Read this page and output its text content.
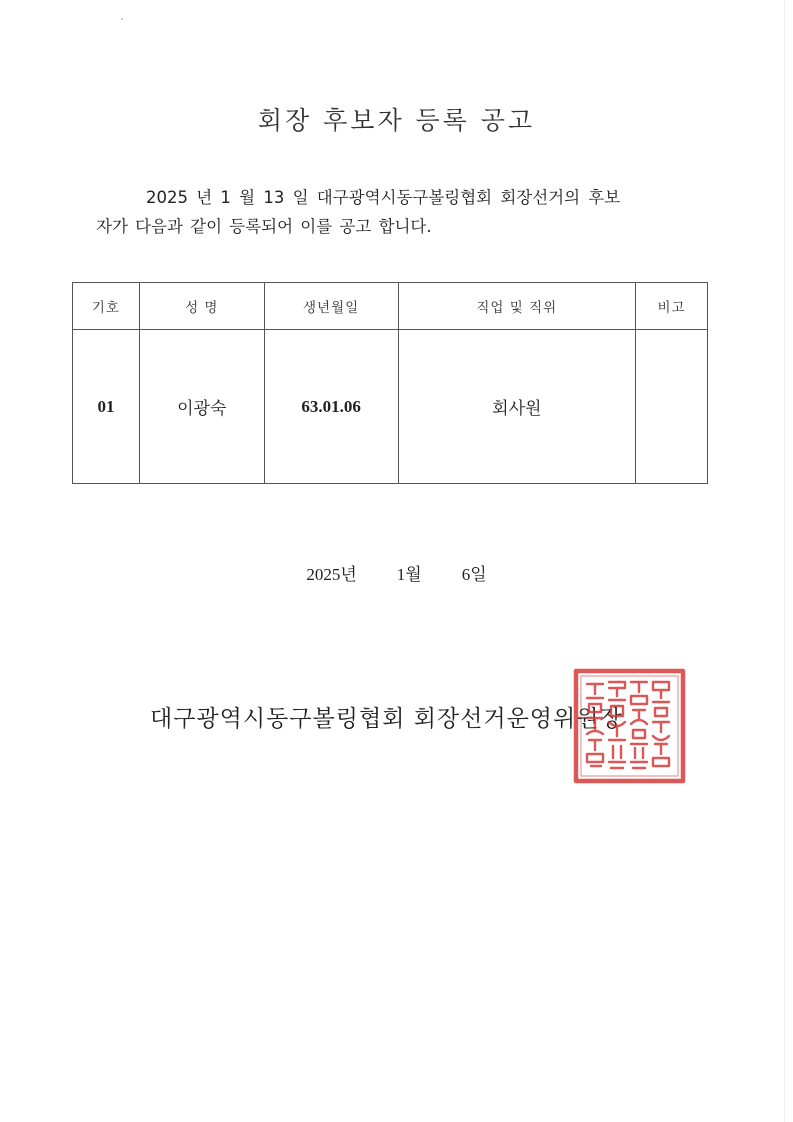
회장 후보자 등록 공고
2025 년 1 월 13 일 대구광역시동구볼링협회 회장선거의 후보
자가 다음과 같이 등록되어 이를 공고 합니다.
기호	성 명	생년월일	직업 및 직위	비고
01	이광숙	63.01.06	회사원	
2025년 1월 6일
대구광역시동구볼링협회 회장선거운영위원장
